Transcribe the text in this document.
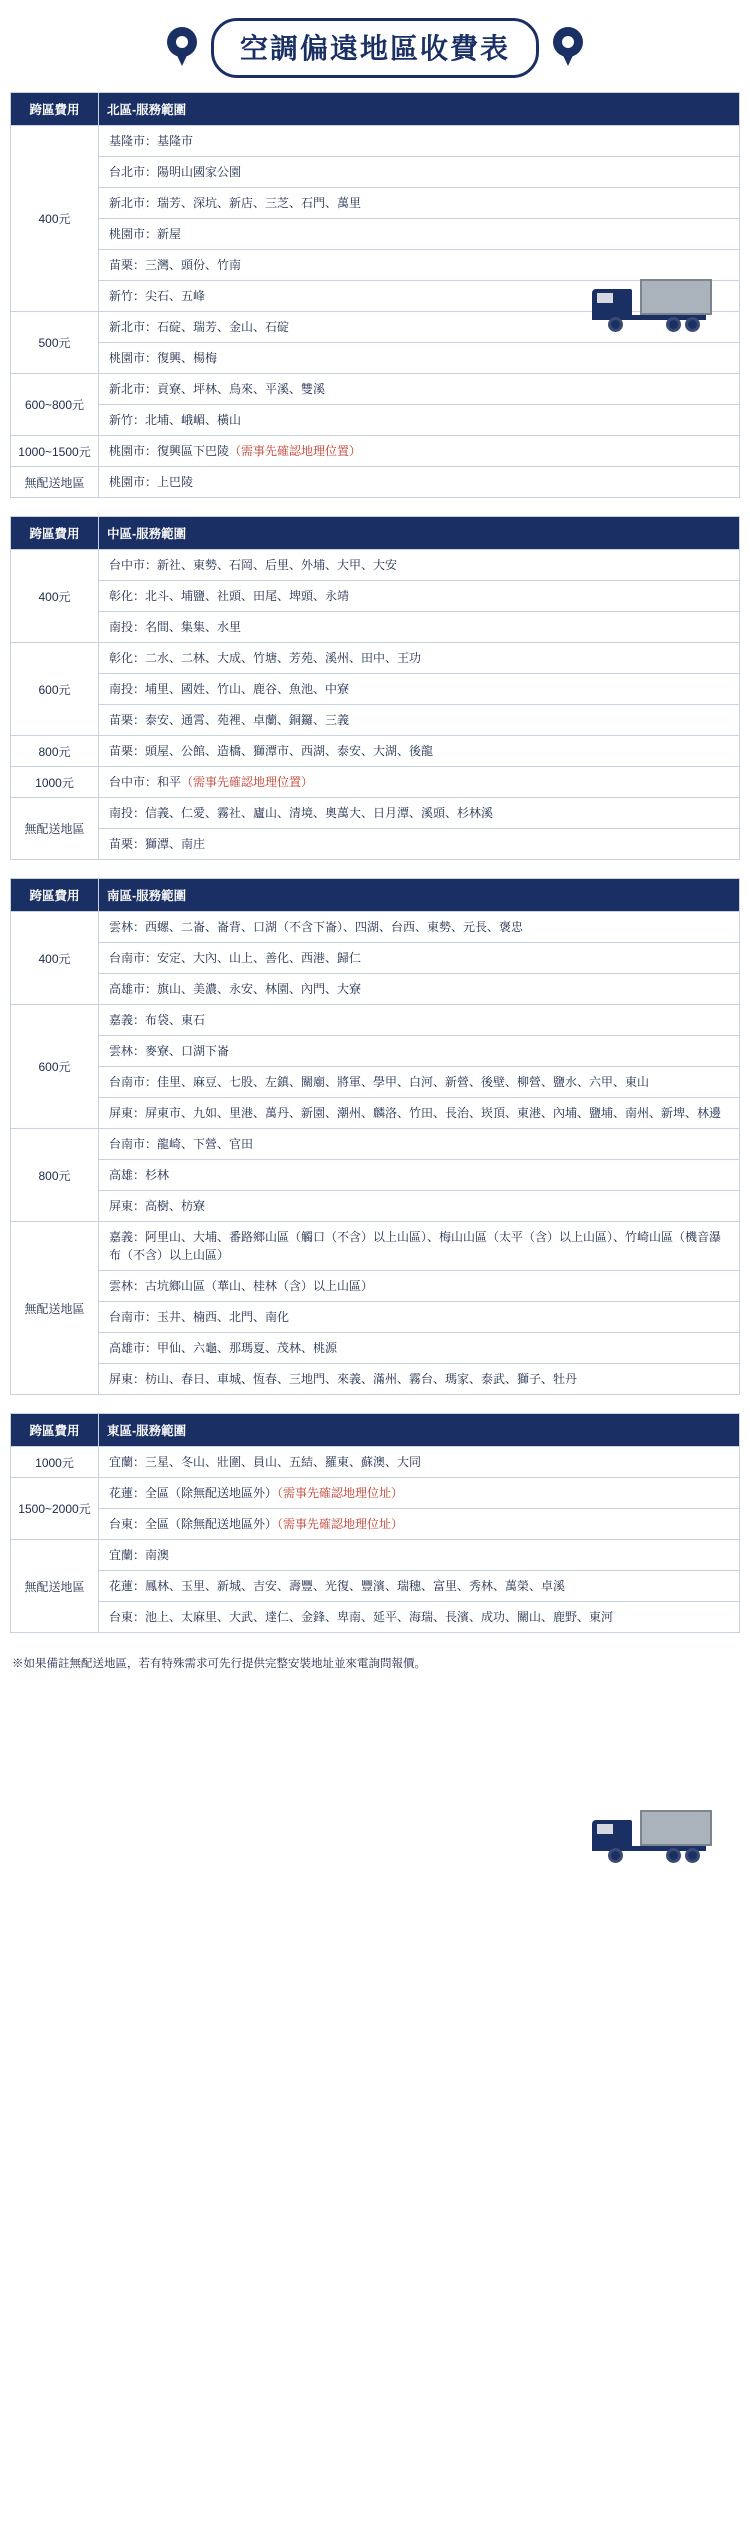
空調偏遠地區收費表
跨區費用	北區-服務範圍
400元	基隆市：基隆市
	台北市：陽明山國家公園
	新北市：瑞芳、深坑、新店、三芝、石門、萬里
	桃園市：新屋
	苗栗：三灣、頭份、竹南
	新竹：尖石、五峰
500元	新北市：石碇、瑞芳、金山、石碇
	桃園市：復興、楊梅
600~800元	新北市：貢寮、坪林、烏來、平溪、雙溪
	新竹：北埔、峨嵋、橫山
1000~1500元	桃園市：復興區下巴陵（需事先確認地理位置）
無配送地區	桃園市：上巴陵
跨區費用	中區-服務範圍
400元	台中市：新社、東勢、石岡、后里、外埔、大甲、大安
	彰化：北斗、埔鹽、社頭、田尾、埤頭、永靖
	南投：名間、集集、水里
600元	彰化：二水、二林、大成、竹塘、芳苑、溪州、田中、王功
	南投：埔里、國姓、竹山、鹿谷、魚池、中寮
	苗栗：泰安、通霄、苑裡、卓蘭、銅鑼、三義
800元	苗栗：頭屋、公館、造橋、獅潭市、西湖、泰安、大湖、後龍
1000元	台中市：和平（需事先確認地理位置）
無配送地區	南投：信義、仁愛、霧社、廬山、清境、奧萬大、日月潭、溪頭、杉林溪
	苗栗：獅潭、南庄
跨區費用	南區-服務範圍
400元	雲林：西螺、二崙、崙背、口湖（不含下崙）、四湖、台西、東勢、元長、褒忠
	台南市：安定、大內、山上、善化、西港、歸仁
	高雄市：旗山、美濃、永安、林園、內門、大寮
600元	嘉義：布袋、東石
	雲林：麥寮、口湖下崙
	台南市：佳里、麻豆、七股、左鎮、關廟、將軍、學甲、白河、新營、後壁、柳營、鹽水、六甲、東山
	屏東：屏東市、九如、里港、萬丹、新園、潮州、麟洛、竹田、長治、崁頂、東港、內埔、鹽埔、南州、新埤、林邊
800元	台南市：龍崎、下營、官田
	高雄：杉林
	屏東：高樹、枋寮
無配送地區	嘉義：阿里山、大埔、番路鄉山區（觸口（不含）以上山區）、梅山山區（太平（含）以上山區）、竹崎山區（機音瀑布（不含）以上山區）
	雲林：古坑鄉山區（華山、桂林（含）以上山區）
	台南市：玉井、楠西、北門、南化
	高雄市：甲仙、六龜、那瑪夏、茂林、桃源
	屏東：枋山、春日、車城、恆春、三地門、來義、滿州、霧台、瑪家、泰武、獅子、牡丹
跨區費用	東區-服務範圍
1000元	宜蘭：三星、冬山、壯圍、員山、五結、羅東、蘇澳、大同
1500~2000元	花蓮：全區（除無配送地區外）（需事先確認地理位址）
	台東：全區（除無配送地區外）（需事先確認地理位址）
無配送地區	宜蘭：南澳
	花蓮：鳳林、玉里、新城、吉安、壽豐、光復、豐濱、瑞穗、富里、秀林、萬榮、卓溪
	台東：池上、太麻里、大武、達仁、金鋒、卑南、延平、海瑞、長濱、成功、關山、鹿野、東河
※如果備註無配送地區，若有特殊需求可先行提供完整安裝地址並來電詢問報價。
